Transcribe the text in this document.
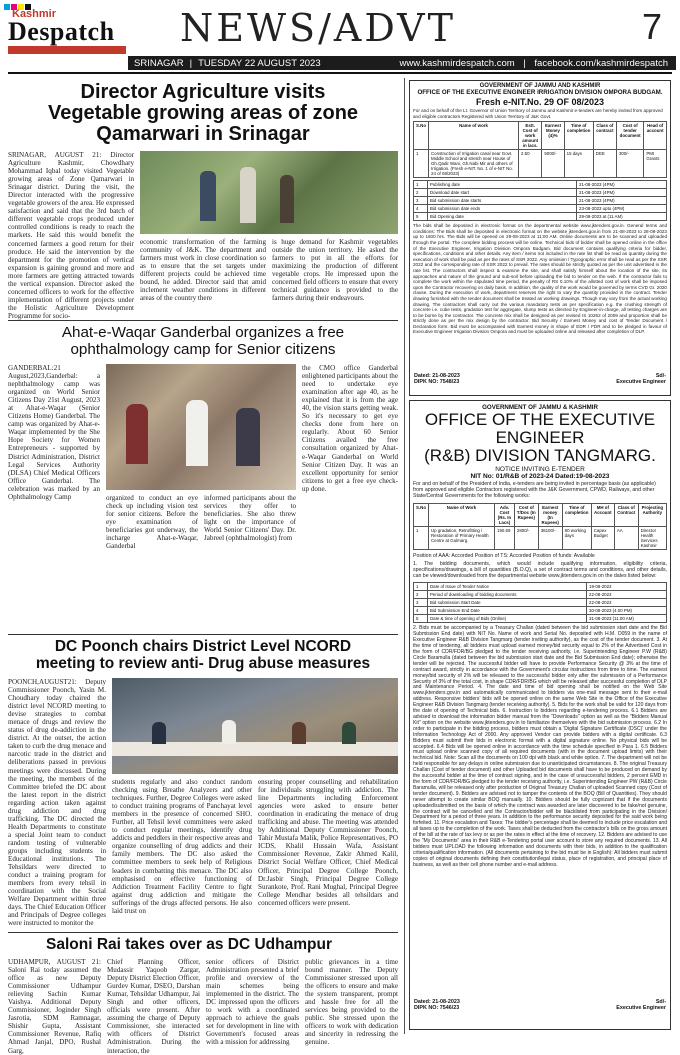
Kashmir
Despatch	NEWS/ADVT	7
SRINAGAR | TUESDAY 22 AUGUST 2023	www.kashmirdespatch.com | facebook.com/kashmirdespatch
Director Agriculture visits
Vegetable growing areas of zone
Qamarwari in Srinagar
SRINAGAR, AUGUST 21: Director Agriculture Kashmir, Chowdhary Mohammad Iqbal today visited Vegetable growing areas of Zone Qamarwari in Srinagar district. During the visit, the Director interacted with the progressive vegetable growers of the area. He expressed satisfaction and said that the 3rd batch of different vegetable crops produced under controlled conditions is ready to reach the markets. He said this would benefit the concerned farmers a good return for their produce. He said the intervention by the department for the promotion of vertical expansion is gaining ground and more and more farmers are getting attracted towards the vertical expansion. Director asked the concerned officers to work for the effective implementation of different projects under the Holistic Agriculture Development Programme for socio-
economic transformation of the farming community of J&K. The department and farmers must work in close coordination so as to ensure that the set targets under different projects could be achieved time bound, he added. Director said that amid inclement weather conditions in different areas of the country there
is huge demand for Kashmir vegetables outside the union territory. He asked the farmers to put in all the efforts for maximizing the production of different vegetable crops. He impressed upon the concerned field officers to ensure that every technical guidance is provided to the farmers during their endeavours.
Ahat-e-Waqar Ganderbal organizes a free
ophthalmology camp for Senior citizens
GANDERBAL:21 August,2023,Ganderbal: a nephthalmology camp was organized on World Senior Citizens Day 21st August, 2023 at Ahat-e-Waqar (Senior Citizens Home) Ganderbal. The camp was organized by Ahat-e-Waqar implemented by the She Hope Society for Women Entrepreneurs - supported by District Administration, District Legal Services Authority (DLSA) Chief Medical Officers Office Ganderbal. The celebration was marked by an Ophthalmology Camp	organized to conduct an eye check up including vision test for senior citizens. Before the eye examination of beneficiaries got underway, the incharge Ahat-e-Waqar, Ganderbal
informed participants about the services they offer to beneficiaries. She also threw light on the importance of World Senior Citizens' Day. Dr. Jabreel (ophthalmologist) from
the CMO office Ganderbal enlightened participants about the need to undertake eye examination after age 40, as he explained that it is from the age 40, the vision starts getting weak. So it's necessary to get eye checks done from here on regularly. About 60 Senior Citizens availed the free consultation organized by Ahat-e-Waqar Ganderbal on World Senior Citizen Day. It was an excellent opportunity for senior citizens to get a free eye check-up done.
DC Poonch chairs District Level NCORD
meeting to review anti- Drug abuse measures
POONCH,AUGUST21: Deputy Commissioner Poonch, Yasin M. Choudhary today chaired the district level NCORD meeting to devise strategies to combat menace of drugs and review the status of drug de-addiction in the district. At the outset, the action taken to curb the drug menace and narcotic trade in the district and deliberations passed in previous meetings were discussed. During the meeting, the members of the Committee briefed the DC about the latest report in the district regarding action taken against drug addiction and drug trafficking. The DC directed the Health Departments to constitute a special Joint team to conduct random testing of vulnerable groups including students in Educational institutions. The Tehsildars were directed to conduct a training program for members from every tehsil in coordination with the Social Welfare Department within three days. The Chief Education Officer and Principals of Degree colleges were instructed to monitor the
students regularly and also conduct random checking using Breathe Analyzers and other techniques. Further, Degree Colleges were asked to conduct training programs of Panchayat level members in the presence of concerned SHO. Further, all Tehsil level committees were asked to conduct regular meetings, identify drug addicts and peddlers in their respective areas and organize counselling of drug addicts and their family members. The DC also asked the committee members to seek help of Religious leaders in combatting this menace. The DC also emphasised on effective functioning of Addiction Treatment Facility Centre to fight against drug addiction and mitigate the sufferings of the drugs affected persons. He also laid trust on
ensuring proper counselling and rehabilitation for individuals struggling with addiction. The line Departments including Enforcement agencies were asked to ensure better coordination in eradicating the menace of drug trafficking and abuse. The meeting was attended by Additional Deputy Commissioner Poonch, Tahir Mustafa Malik, Police Representatives, PO ICDS, Khalil Hussain Wafa, Assistant Commissioner Revenue, Zakir Ahmed Kalil, District Social Welfare Officer, Chief Medical Officer, Principal Degree College Poonch, Dr.Jasbir Singh, Principal Degree College Surankote, Prof. Rani Mughal, Principal Degree College Mendhar besides all tehsildars and concerned officers were present.
Saloni Rai takes over as DC Udhampur
UDHAMPUR, AUGUST 21: Saloni Rai today assumed the office as new Deputy Commissioner Udhampur relieving Sachin Kumar Vaishya. Additional Deputy Commissioner, Joginder Singh Jasrotia, SDM Ramnagar, Shishir Gupta, Assistant Commissioner Revenue, Rafiq Ahmad Janjal, DPO, Rushal Garg,
Chief Planning Officer, Mudassir Yaqoob Zargar, Deputy District Election Officer, Gurdev Kumar, DSEO, Darshan Kumar, Tehsildar Udhampur, Jai Singh and other officers, officials were present. After assuming the charge of Deputy Commissioner, she interacted with officers of District Administration. During the interaction, the
senior officers of District Administration presented a brief profile and overview of the main schemes being implemented in the district. The DC impressed upon the officers to work with a coordinated approach to achieve the goals set for development in line with Government's focused areas with a mission for addressing
public grievances in a time bound manner. The Deputy Commissioner stressed upon all the officers to ensure and make the system transparent, prompt and hassle free for all the services being provided to the public. She stressed upon the officers to work with dedication and sincerity in redressing the genuine.
GOVERNMENT OF JAMMU AND KASHMIR
OFFICE OF THE EXECUTIVE ENGINEER IRRIGATION DIVISION OMPORA BUDGAM.
Fresh e-NIT.No. 29 OF 08/2023
For and on behalf of the Lt. Governor of Union Territory of Jammu and Kashmir e-tenders are hereby invited from approved and eligible contractors Registered with Union Territory of J&K Govt.
S.No	Name of work	Estt. Cost of work amount in lacs.	Earnest Money (4)%	Time of completion	Class of contract	Cost of tender document	Head of account
1	Construction of Irrigation canal near Govt. Middle School and stretch near House of Gh.Qadir Wani, Gh.Nabi Mir and others of Irrigation. (Fresh e-NIT. No. 1 of e-NIT No. 24 of 08/2023)	2.50	5000/-	15 days	DEE	300/-	PMI Grants
1	Publishing date	21-08-2023 (4PM)
2	Download date start	21-08-2023 (4PM)
3	Bid submission date starts	21-08-2023 (4PM)
4	Bid submission date ends	23-08-2023 upto (4PM)
5	Bid Opening date	29-08-2023 at (11 AM)
The bids shall be deposited in electronic format on the departmental website www.jktenders.gov.in. General terms and conditions: The Bids shall be deposited in electronic format on the website jktenders.gov.in from 21-08-2023 to 28-08-2023 up to 1600 hrs. The Bids will be opened on 29-08-2023 at 11:00 AM. Online documents are to be scanned and uploaded through the portal. The complete bidding process will be online. Technical bids of bidder shall be opened online in the office of the Executive Engineer, Irrigation Division Ompora Budgam. Bid document contains qualifying criteria for bidder, specifications, conditions and other details. Any item / items not included in the rate list shall be read as quantity during the execution of work shall be paid as per the rates of SSR 2022. Any omission / Typographic error shall be read as per the SSR 2022 and the corresponding rate of SSR 2022 to prevail. The rates should be strictly quoted as per the unit advertised in the rate list. The contractors shall inspect & examine the site, and shall satisfy himself about the location of the site, its approaches and nature of the ground and sub-soil before uploading the bid to tender on the web. If the contractor fails to complete the work within the stipulated time period, the penalty of RS 0.10% of the allotted cost of work shall be imposed upon the Contractor recovering on daily basis. In addition, the quality of the work would be governed by terms CVD Gr. 2020 clause. During the execution of work, department reserves the right to vary the quantity provided in the contract. Tender drawing furnished with the tender document shall be treated as working drawings. Though may vary from the actual working drawing. The contractors shall carry out the various mandatory tests as per specification e.g. the crushing strength of concrete i.e. cube tests, gradation test for aggregate, slump tests as directed by Engineer-in-charge, all testing charges are to be borne by the contractor. The concrete mix shall be designed as per revised IS 10262 of 2009 and proportion shall be strictly done as per the mix design by the contractor. Bid Security / Earnest Money and cost of Tender Document / Declaration form. Bid must be accompanied with Earnest money in shape of EDR / FDR and to be pledged in favour of Executive Engineer Irrigation Division Ompora and must be uploaded online and released after completion of DLP.
Dated: 21-08-2023
DIPK NO: 7548/23
Sd/-
Executive Engineer
GOVERNMENT OF JAMMU & KASHMIR
OFFICE OF THE EXECUTIVE ENGINEER
(R&B) DIVISION TANGMARG.
NOTICE INVITING E-TENDER
NIT No: 01/R&B of 2023-24 Dated:19-08-2023
For and on behalf of the President of India, e-tenders are being invited in percentage basis (as applicable) from approved and eligible Contractors registered with the J&K Government, CPWD, Railways, and other State/Central Governments for the following works:
S.No	Name of Work	Adv. Cost (Rs. In Lacs)	Cost of T/Doc (In Rupees)	Earnest money (In Rupees)	Time of completion	MH of Account	Class of Contract	Projecting Authority
1	Up gradation, Retrofitting / Restoration of Primary Health Centre at Gulmarg.	190.59	2800/-	38100/-	90 working days	Capex Budget	AA	Director Health Services Kashmir
Position of AAA: Accorded Position of TS: Accorded Position of funds: Available
1. The bidding documents, which would include qualifying information, eligibility criteria, specifications/drawings, a bill of quantities (B.O.Q), a set of contract terms and conditions, and other details, can be viewed/downloaded from the departmental website www.jktenders.gov.in on the dates listed below:
1	Date of Issue of Tender Notice	19-08-2023
2	Period of downloading of bidding documents	22-08-2023
3	Bid submission Start Date	22-08-2023
4	Bid Submission End Date	30-08-2023 (4.00 PM)
5	Date & time of opening of Bids (Online)	31-08-2023 (11.00 AM)
2. Bids must be accompanied by a Treasury Challan (dated between the bid submission start date and the Bid Submission End date) with NIT No. Name of work and Serial No. deposited with H.M. D059 in the name of Executive Engineer R&B Division Tangmarg (tender inviting authority), as the cost of the tender document. 3. At the time of tendering, all bidders must upload earnest money/bid security equal to 2% of the Advertised Cost in the form of CDR/FDR/BG pledged to the tender receiving authority, i.e. Superintending Engineer P.W (R&B) Circle Baramulla (dated between the bid submission start date and the Bid Submission End date); otherwise the tender will be rejected. The successful bidder will have to provide Performance Security @ 3% at the time of contract award, strictly in accordance with the Government's circular instructions from time to time. The earnest money/bid security of 2% will be released to the successful bidder only after the submission of a Performance Security of 3% of the total cost, in shape CDR/FDR/BG which will be released after successful completion of DLP and Maintenance Period. 4. The date and time of bid opening shall be notified on the Web Site www.jktenders.gov.in and automatically communicated to bidders via one-mail message sent to their e-mail address. Responsive bidders' bids will be opened online on the same Web Site in the Office of the Executive Engineer R&B Division Tangmarg (tender receiving authority). 5. Bids for the work shall be valid for 120 days from the date of opening of Technical bids. 6. Instruction to bidders regarding e-tendering process. 6.1 Bidders are advised to download the information bidder manual from the "Downloads" option as well as the "Bidders Manual Kit" option on the website www.jktenders.gov.in to familiarize themselves with the bid submission process. 6.2 In order to participate in the bidding process, bidders must obtain a 'Digital Signature Certificate (DSC)' under the Information Technology Act of 2000. Any approved Vendor can provide bidders with a digital certificate. 6.3 Bidders must submit their bids in electronic format with a digital signature online. No physical bids will be accepted. 6.4 Bids will be opened online in accordance with the time schedule specified in Para 1. 6.5 Bidders must upload online scanned copy of all required documents (with in the document upload limits) with their technical bid. Note: Scan all the documents on 100 dpi with black and white option. 7. The department will not be held responsible for any delays in online submission due to unanticipated circumstances. 8. The original Treasury Challan (Cost of tender document) and other Uploaded bid documents shall have to be produced on demand by the successful bidder at the time of contract signing, and in the case of unsuccessful bidders, 2 percent EMD in the form of CDR/FDR/BG pledged to the tender receiving authority, i.e. Superintending Engineer PW (R&B) Circle Baramulla, will be released only after production of Original Treasury Challan of uploaded Scanned copy (Cost of tender document). 9. Bidders are advised not to tamper the contents of the BOQ (Bill of Quantities). They should never attempt to create similar BOQ manually. 10. Bidders should be fully cognizant that if the documents uploaded/submitted on the basis of which the contract was awarded are later discovered to be fake/not genuine, the contract will be cancelled and the Contractor/bidder will be blacklisted from participating in the Division/ Department for a period of three years. In addition to the performance security deposited for the said work being forfeited. 11. Price escalation and Taxes: The bidder's percentage shall be deemed to include price escalation and all taxes up to the completion of the work. Taxes shall be deducted from the contractor's bills on the gross amount of the bill at the rate of tax levy or as per the rates in effect at the time of recovery. 12. Bidders are advised to use the "My Documents" area in their R&B e-Tendering portal user account to store any required documents. 13. All bidders must UPLOAD the following information and documents with their bids, in addition to the qualification criteria/qualification information. (All documents pertaining to the bid must be in English): All bidders must submit copies of original documents defining their constitution/legal status, place of registration, and principal place of business, as well as their cell phone number and e-mail address.
Dated: 21-08-2023
DIPK NO: 7546/23
Sd/-
Executive Engineer
